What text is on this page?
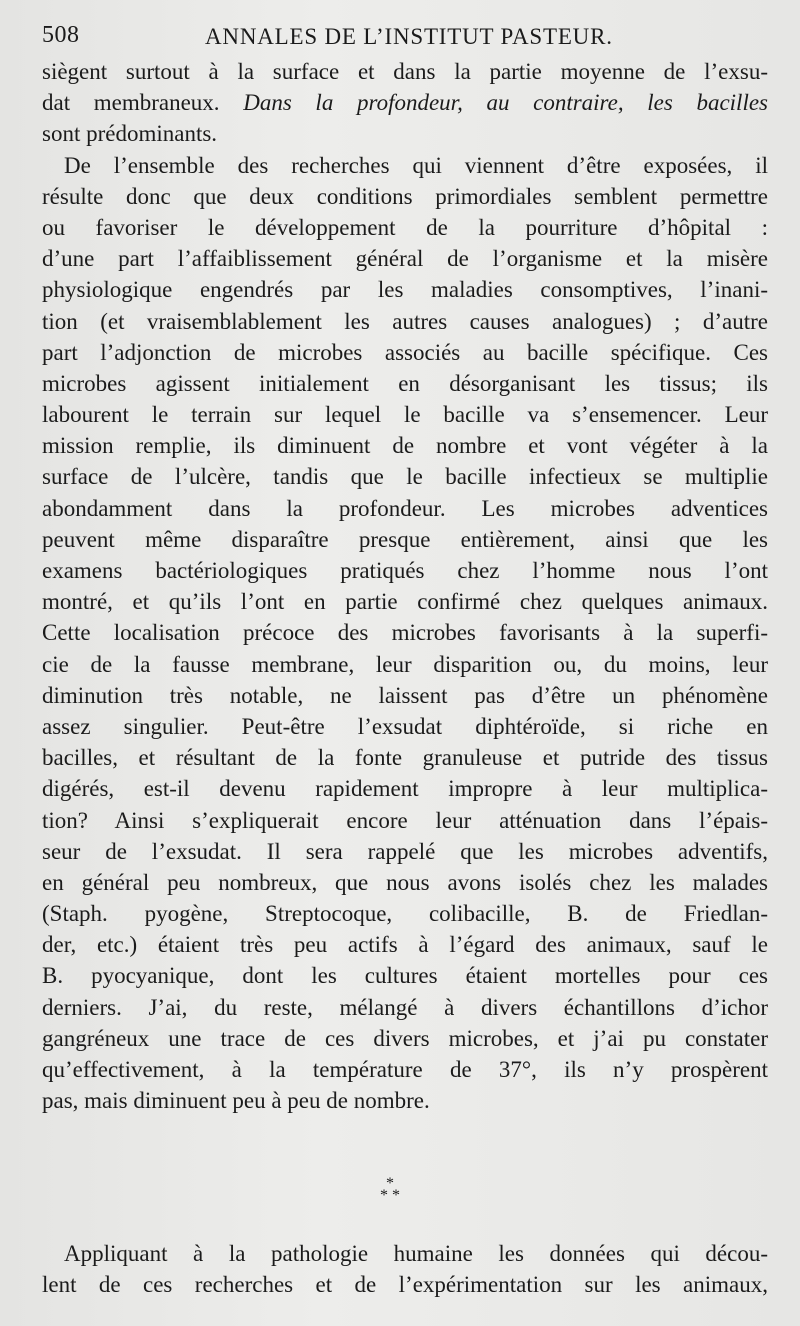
508	ANNALES DE L’INSTITUT PASTEUR.
siègent surtout à la surface et dans la partie moyenne de l’exsu-
dat membraneux. Dans la profondeur, au contraire, les bacilles
sont prédominants.
De l’ensemble des recherches qui viennent d’être exposées, il
résulte donc que deux conditions primordiales semblent permettre
ou favoriser le développement de la pourriture d’hôpital :
d’une part l’affaiblissement général de l’organisme et la misère
physiologique engendrés par les maladies consomptives, l’inani-
tion (et vraisemblablement les autres causes analogues) ; d’autre
part l’adjonction de microbes associés au bacille spécifique. Ces
microbes agissent initialement en désorganisant les tissus; ils
labourent le terrain sur lequel le bacille va s’ensemencer. Leur
mission remplie, ils diminuent de nombre et vont végéter à la
surface de l’ulcère, tandis que le bacille infectieux se multiplie
abondamment dans la profondeur. Les microbes adventices
peuvent même disparaître presque entièrement, ainsi que les
examens bactériologiques pratiqués chez l’homme nous l’ont
montré, et qu’ils l’ont en partie confirmé chez quelques animaux.
Cette localisation précoce des microbes favorisants à la superfi-
cie de la fausse membrane, leur disparition ou, du moins, leur
diminution très notable, ne laissent pas d’être un phénomène
assez singulier. Peut-être l’exsudat diphtéroïde, si riche en
bacilles, et résultant de la fonte granuleuse et putride des tissus
digérés, est-il devenu rapidement impropre à leur multiplica-
tion? Ainsi s’expliquerait encore leur atténuation dans l’épais-
seur de l’exsudat. Il sera rappelé que les microbes adventifs,
en général peu nombreux, que nous avons isolés chez les malades
(Staph. pyogène, Streptocoque, colibacille, B. de Friedlan-
der, etc.) étaient très peu actifs à l’égard des animaux, sauf le
B. pyocyanique, dont les cultures étaient mortelles pour ces
derniers. J’ai, du reste, mélangé à divers échantillons d’ichor
gangréneux une trace de ces divers microbes, et j’ai pu constater
qu’effectivement, à la température de 37°, ils n’y prospèrent
pas, mais diminuent peu à peu de nombre.
*
* *
Appliquant à la pathologie humaine les données qui décou-
lent de ces recherches et de l’expérimentation sur les animaux,
